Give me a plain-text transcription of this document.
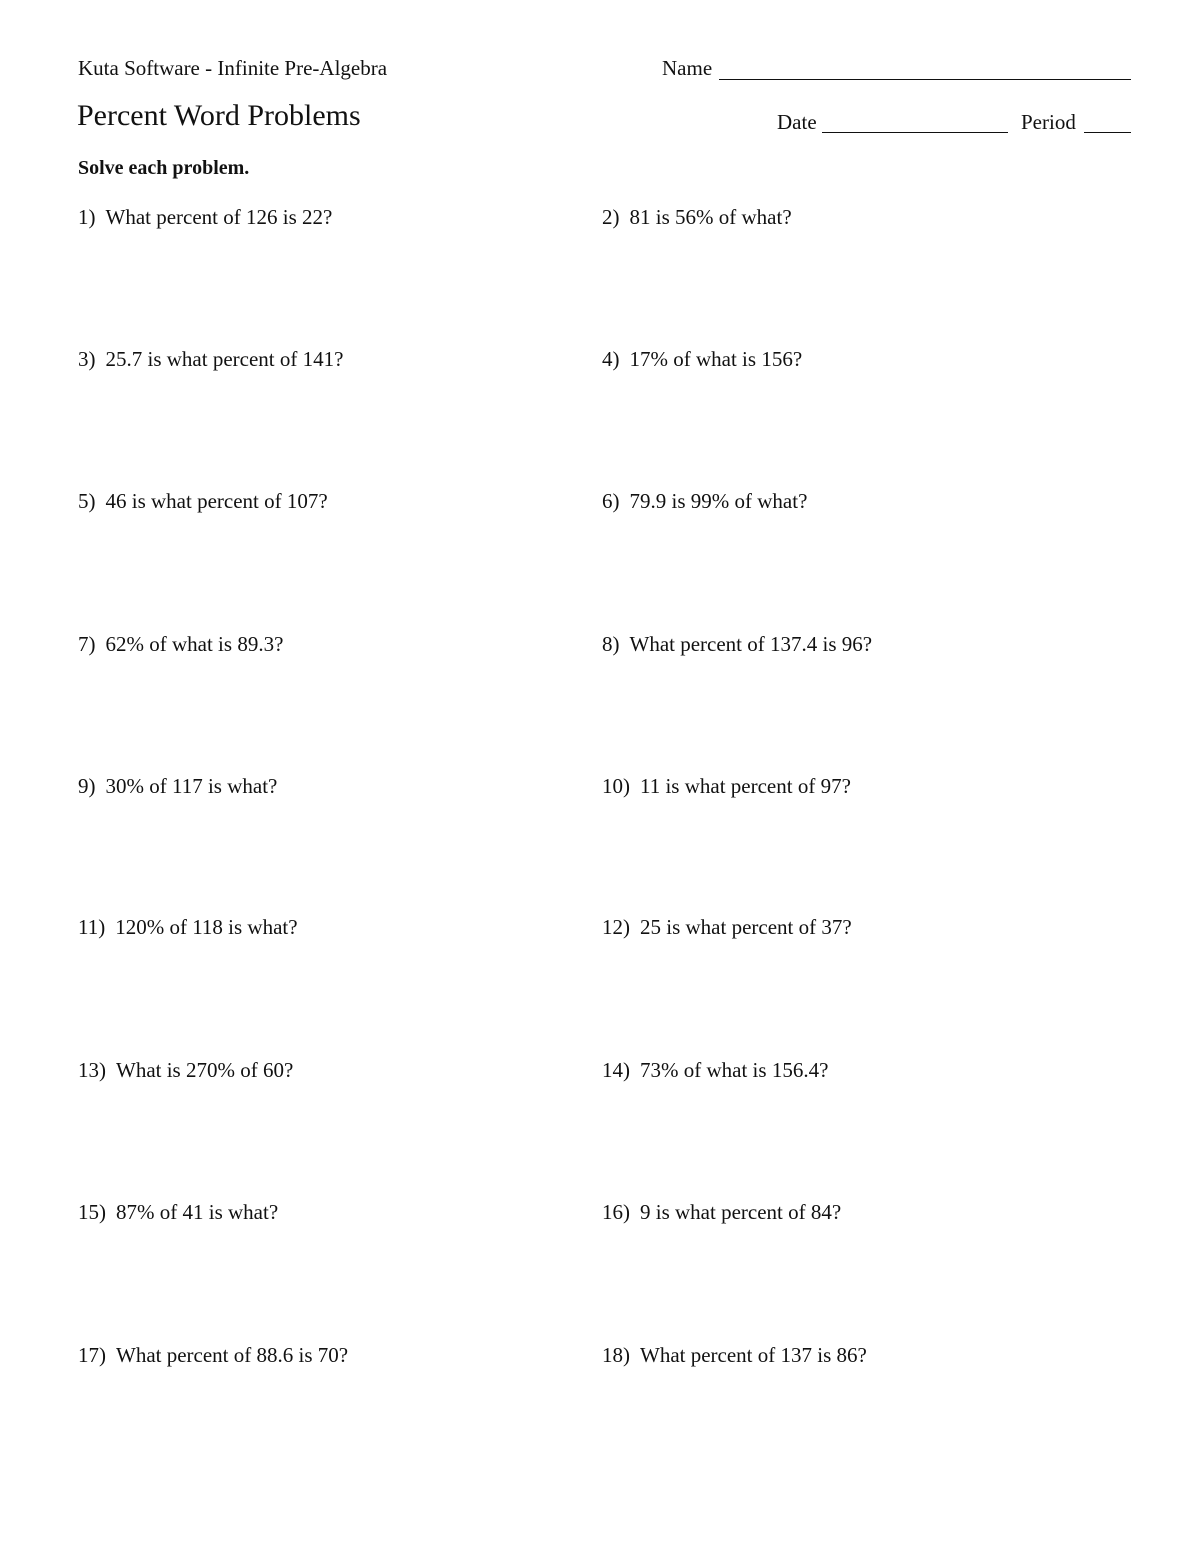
Kuta Software - Infinite Pre-Algebra	Name
Percent Word Problems	Date	Period
Solve each problem.
1) What percent of 126 is 22?	2) 81 is 56% of what?
3) 25.7 is what percent of 141?	4) 17% of what is 156?
5) 46 is what percent of 107?	6) 79.9 is 99% of what?
7) 62% of what is 89.3?	8) What percent of 137.4 is 96?
9) 30% of 117 is what?	10) 11 is what percent of 97?
11) 120% of 118 is what?	12) 25 is what percent of 37?
13) What is 270% of 60?	14) 73% of what is 156.4?
15) 87% of 41 is what?	16) 9 is what percent of 84?
17) What percent of 88.6 is 70?	18) What percent of 137 is 86?
